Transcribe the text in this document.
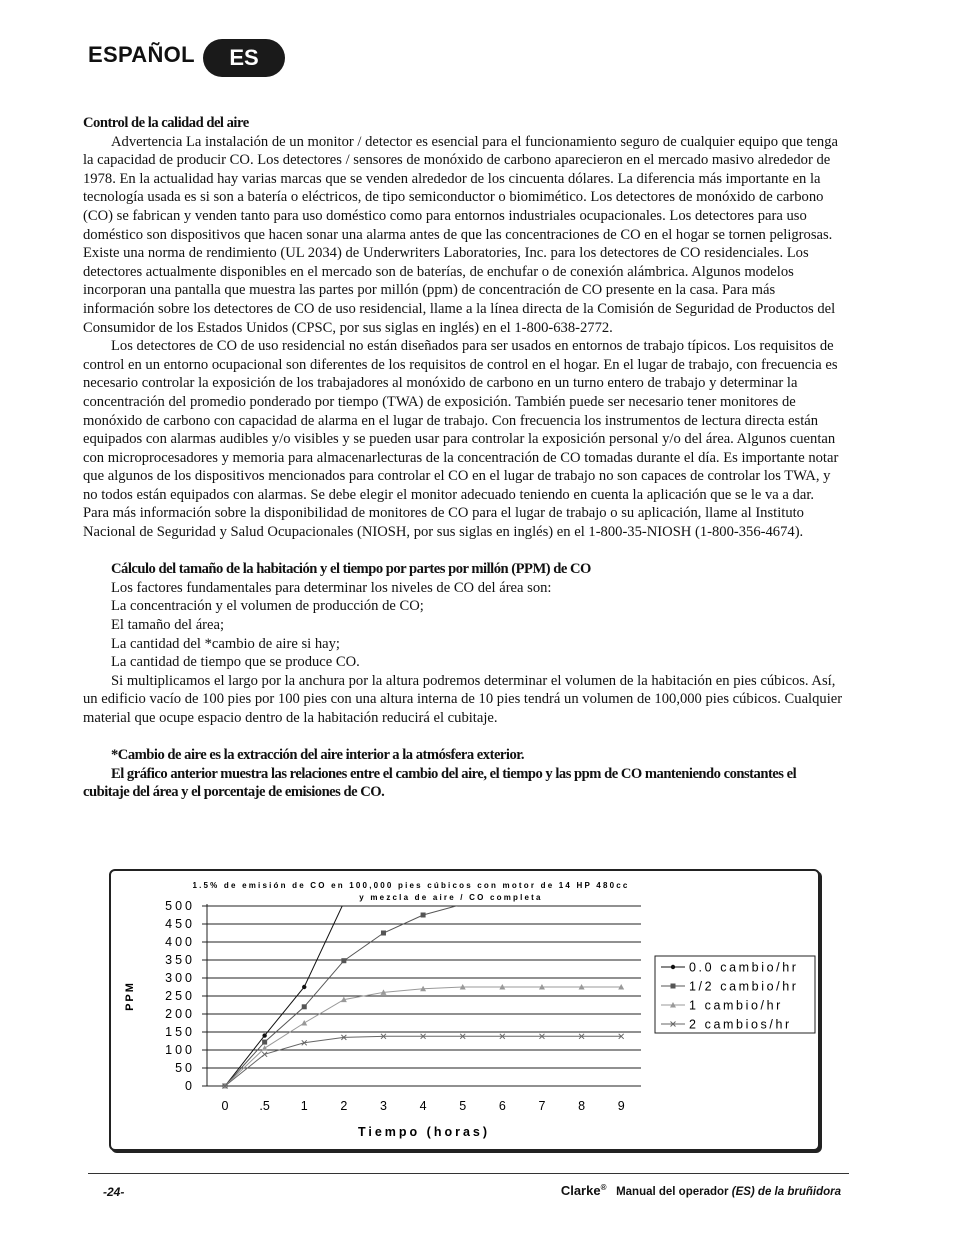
ESPAÑOL	ES

Control de la calidad del aire

Advertencia La instalación de un monitor / detector es esencial para el funcionamiento seguro de cualquier equipo que tenga la capacidad de producir CO. Los detectores / sensores de monóxido de carbono aparecieron en el mercado masivo alrededor de 1978. En la actualidad hay varias marcas que se venden alrededor de los cincuenta dólares. La diferencia más importante en la tecnología usada es si son a batería o eléctricos, de tipo semiconductor o biomimético. Los detectores de monóxido de carbono (CO) se fabrican y venden tanto para uso doméstico como para entornos industriales ocupacionales. Los detectores para uso doméstico son dispositivos que hacen sonar una alarma antes de que las concentraciones de CO en el hogar se tornen peligrosas. Existe una norma de rendimiento (UL 2034) de Underwriters Laboratories, Inc. para los detectores de CO residenciales. Los detectores actualmente disponibles en el mercado son de baterías, de enchufar o de conexión alámbrica. Algunos modelos incorporan una pantalla que muestra las partes por millón (ppm) de concentración de CO presente en la casa. Para más información sobre los detectores de CO de uso residencial, llame a la línea directa de la Comisión de Seguridad de Productos del Consumidor de los Estados Unidos (CPSC, por sus siglas en inglés) en el 1-800-638-2772.

Los detectores de CO de uso residencial no están diseñados para ser usados en entornos de trabajo típicos. Los requisitos de control en un entorno ocupacional son diferentes de los requisitos de control en el hogar. En el lugar de trabajo, con frecuencia es necesario controlar la exposición de los trabajadores al monóxido de carbono en un turno entero de trabajo y determinar la concentración del promedio ponderado por tiempo (TWA) de exposición. También puede ser necesario tener monitores de monóxido de carbono con capacidad de alarma en el lugar de trabajo. Con frecuencia los instrumentos de lectura directa están equipados con alarmas audibles y/o visibles y se pueden usar para controlar la exposición personal y/o del área. Algunos cuentan con microprocesadores y memoria para almacenarlecturas de la concentración de CO tomadas durante el día. Es importante notar que algunos de los dispositivos mencionados para controlar el CO en el lugar de trabajo no son capaces de controlar los TWA, y no todos están equipados con alarmas. Se debe elegir el monitor adecuado teniendo en cuenta la aplicación que se le va a dar. Para más información sobre la disponibilidad de monitores de CO para el lugar de trabajo o su aplicación, llame al Instituto Nacional de Seguridad y Salud Ocupacionales (NIOSH, por sus siglas en inglés) en el 1-800-35-NIOSH (1-800-356-4674).

Cálculo del tamaño de la habitación y el tiempo por partes por millón (PPM) de CO

Los factores fundamentales para determinar los niveles de CO del área son:

La concentración y el volumen de producción de CO;

El tamaño del área;

La cantidad del *cambio de aire si hay;

La cantidad de tiempo que se produce CO.

Si multiplicamos el largo por la anchura por la altura podremos determinar el volumen de la habitación en pies cúbicos. Así, un edificio vacío de 100 pies por 100 pies con una altura interna de 10 pies tendrá un volumen de 100,000 pies cúbicos. Cualquier material que ocupe espacio dentro de la habitación reducirá el cubitaje.

*Cambio de aire es la extracción del aire interior a la atmósfera exterior.

El gráfico anterior muestra las relaciones entre el cambio del aire, el tiempo y las ppm de CO manteniendo constantes el cubitaje del área y el porcentaje de emisiones de CO.

1.5% de emisión de CO en 100,000 pies cúbicos con motor de 14 HP 480cc
y mezcla de aire / CO completa
0
50
100
150
200
250
300
350
400
450
500
0 .5 1	2	3	4	5	6	7	8	9
Tiempo (horas)
PPM
0.0 cambio/hr
1/2 cambio/hr
1 cambio/hr
2 cambios/hr
-24-	Clarke® Manual del operador (ES) de la bruñidora
